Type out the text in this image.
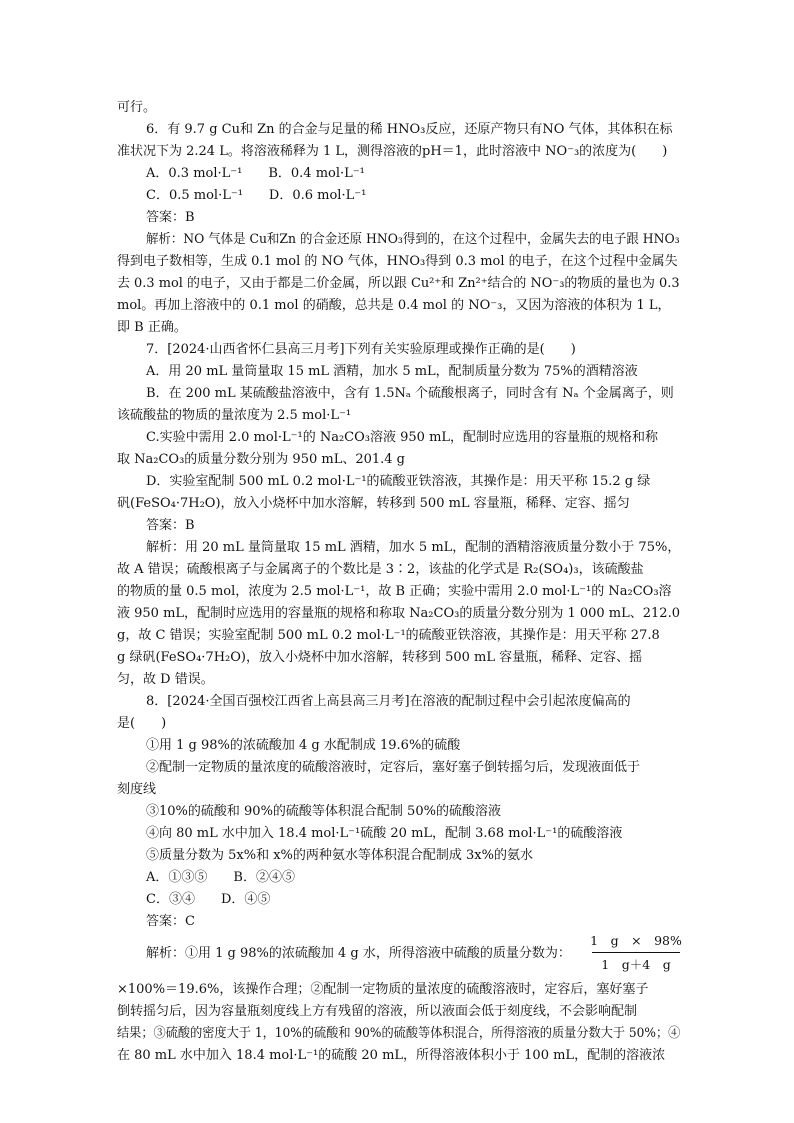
可行。
6．有 9.7 g Cu和 Zn 的合金与足量的稀 HNO₃反应，还原产物只有NO 气体，其体积在标
准状况下为 2.24 L。将溶液稀释为 1 L，测得溶液的pH＝1，此时溶液中 NO⁻₃的浓度为(　　)
A．0.3 mol·L⁻¹　　B．0.4 mol·L⁻¹
C．0.5 mol·L⁻¹　　D．0.6 mol·L⁻¹
答案：B
解析：NO 气体是 Cu和Zn 的合金还原 HNO₃得到的，在这个过程中，金属失去的电子跟 HNO₃
得到电子数相等，生成 0.1 mol 的 NO 气体，HNO₃得到 0.3 mol 的电子，在这个过程中金属失
去 0.3 mol 的电子，又由于都是二价金属，所以跟 Cu²⁺和 Zn²⁺结合的 NO⁻₃的物质的量也为 0.3
mol。再加上溶液中的 0.1 mol 的硝酸，总共是 0.4 mol 的 NO⁻₃，又因为溶液的体积为 1 L，
即 B 正确。
7．[2024·山西省怀仁县高三月考]下列有关实验原理或操作正确的是(　　)
A．用 20 mL 量筒量取 15 mL 酒精，加水 5 mL，配制质量分数为 75%的酒精溶液
B．在 200 mL 某硫酸盐溶液中，含有 1.5Nₐ 个硫酸根离子，同时含有 Nₐ 个金属离子，则
该硫酸盐的物质的量浓度为 2.5 mol·L⁻¹
C.实验中需用 2.0 mol·L⁻¹的 Na₂CO₃溶液 950 mL，配制时应选用的容量瓶的规格和称
取 Na₂CO₃的质量分数分别为 950 mL、201.4 g
D．实验室配制 500 mL 0.2 mol·L⁻¹的硫酸亚铁溶液，其操作是：用天平称 15.2 g 绿
矾(FeSO₄·7H₂O)，放入小烧杯中加水溶解，转移到 500 mL 容量瓶，稀释、定容、摇匀
答案：B
解析：用 20 mL 量筒量取 15 mL 酒精，加水 5 mL，配制的酒精溶液质量分数小于 75%，
故 A 错误；硫酸根离子与金属离子的个数比是 3∶2，该盐的化学式是 R₂(SO₄)₃，该硫酸盐
的物质的量 0.5 mol，浓度为 2.5 mol·L⁻¹，故 B 正确；实验中需用 2.0 mol·L⁻¹的 Na₂CO₃溶
液 950 mL，配制时应选用的容量瓶的规格和称取 Na₂CO₃的质量分数分别为 1 000 mL、212.0
g，故 C 错误；实验室配制 500 mL 0.2 mol·L⁻¹的硫酸亚铁溶液，其操作是：用天平称 27.8
g 绿矾(FeSO₄·7H₂O)，放入小烧杯中加水溶解，转移到 500 mL 容量瓶，稀释、定容、摇
匀，故 D 错误。
8．[2024·全国百强校江西省上高县高三月考]在溶液的配制过程中会引起浓度偏高的
是(　　)
①用 1 g 98%的浓硫酸加 4 g 水配制成 19.6%的硫酸
②配制一定物质的量浓度的硫酸溶液时，定容后，塞好塞子倒转摇匀后，发现液面低于
刻度线
③10%的硫酸和 90%的硫酸等体积混合配制 50%的硫酸溶液
④向 80 mL 水中加入 18.4 mol·L⁻¹硫酸 20 mL，配制 3.68 mol·L⁻¹的硫酸溶液
⑤质量分数为 5x%和 x%的两种氨水等体积混合配制成 3x%的氨水
A．①③⑤　　B．②④⑤
C．③④　　D．④⑤
答案：C
解析：①用 1 g 98%的浓硫酸加 4 g 水，所得溶液中硫酸的质量分数为：
1　g　×　98%
1　g＋4　g
×100%＝19.6%，该操作合理；②配制一定物质的量浓度的硫酸溶液时，定容后，塞好塞子
倒转摇匀后，因为容量瓶刻度线上方有残留的溶液，所以液面会低于刻度线，不会影响配制
结果；③硫酸的密度大于 1，10%的硫酸和 90%的硫酸等体积混合，所得溶液的质量分数大于 50%；④
在 80 mL 水中加入 18.4 mol·L⁻¹的硫酸 20 mL，所得溶液体积小于 100 mL，配制的溶液浓
